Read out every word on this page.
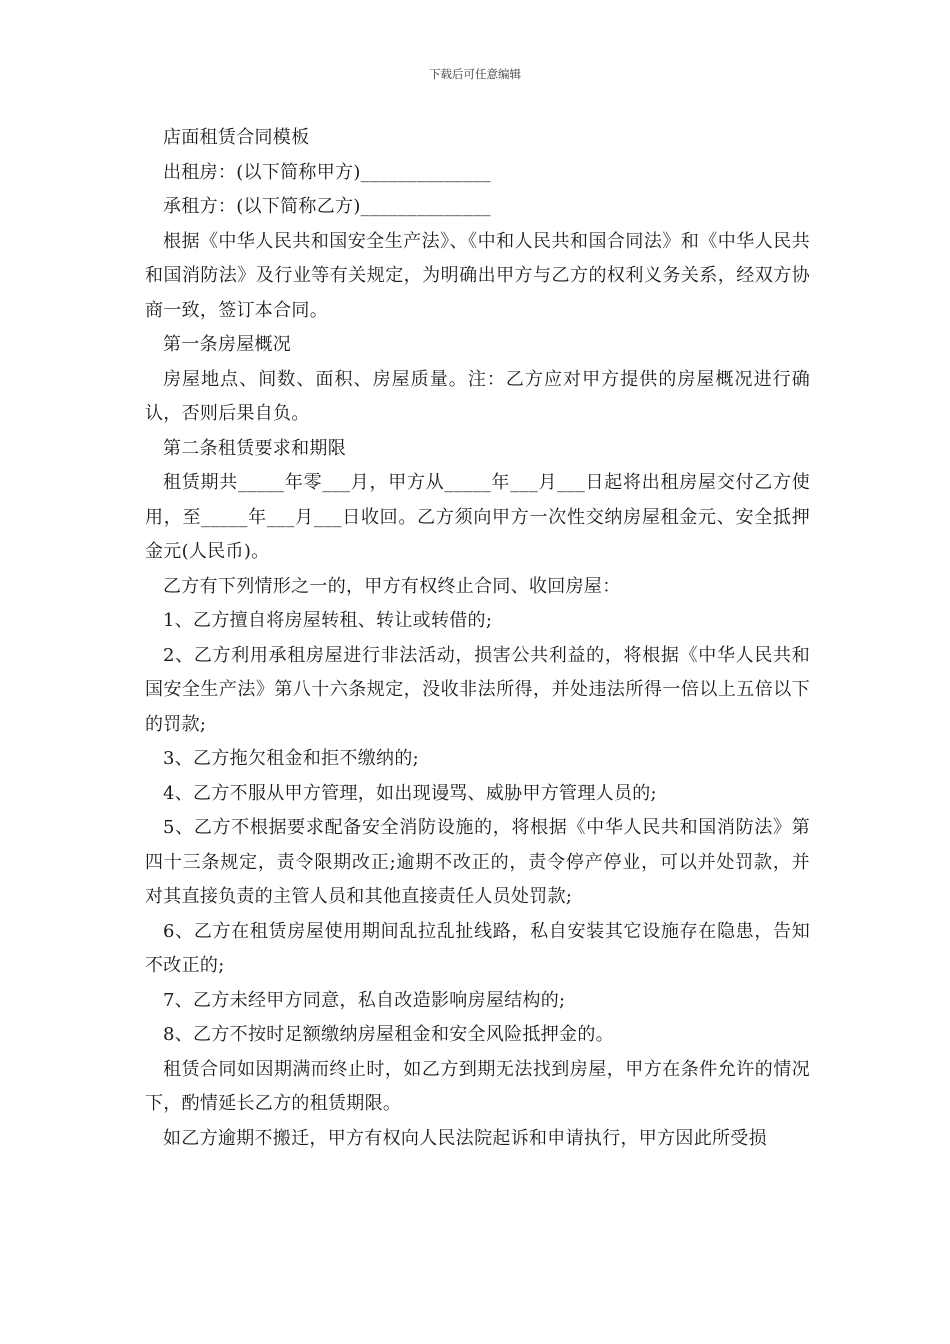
下载后可任意编辑

店面租赁合同模板

出租房：(以下简称甲方)______________

承租方：(以下简称乙方)______________

根据《中华人民共和国安全生产法》、《中和人民共和国合同法》和《中华人民共和国消防法》及行业等有关规定，为明确出甲方与乙方的权利义务关系，经双方协商一致，签订本合同。

第一条房屋概况

房屋地点、间数、面积、房屋质量。注：乙方应对甲方提供的房屋概况进行确认，否则后果自负。

第二条租赁要求和期限

租赁期共_____年零___月，甲方从_____年___月___日起将出租房屋交付乙方使用，至_____年___月___日收回。乙方须向甲方一次性交纳房屋租金元、安全抵押金元(人民币)。

乙方有下列情形之一的，甲方有权终止合同、收回房屋：

1、乙方擅自将房屋转租、转让或转借的;

2、乙方利用承租房屋进行非法活动，损害公共利益的，将根据《中华人民共和国安全生产法》第八十六条规定，没收非法所得，并处违法所得一倍以上五倍以下的罚款;

3、乙方拖欠租金和拒不缴纳的;

4、乙方不服从甲方管理，如出现谩骂、威胁甲方管理人员的;

5、乙方不根据要求配备安全消防设施的，将根据《中华人民共和国消防法》第四十三条规定，责令限期改正;逾期不改正的，责令停产停业，可以并处罚款，并对其直接负责的主管人员和其他直接责任人员处罚款;

6、乙方在租赁房屋使用期间乱拉乱扯线路，私自安装其它设施存在隐患，告知不改正的;

7、乙方未经甲方同意，私自改造影响房屋结构的;

8、乙方不按时足额缴纳房屋租金和安全风险抵押金的。

租赁合同如因期满而终止时，如乙方到期无法找到房屋，甲方在条件允许的情况下，酌情延长乙方的租赁期限。

如乙方逾期不搬迁，甲方有权向人民法院起诉和申请执行，甲方因此所受损
